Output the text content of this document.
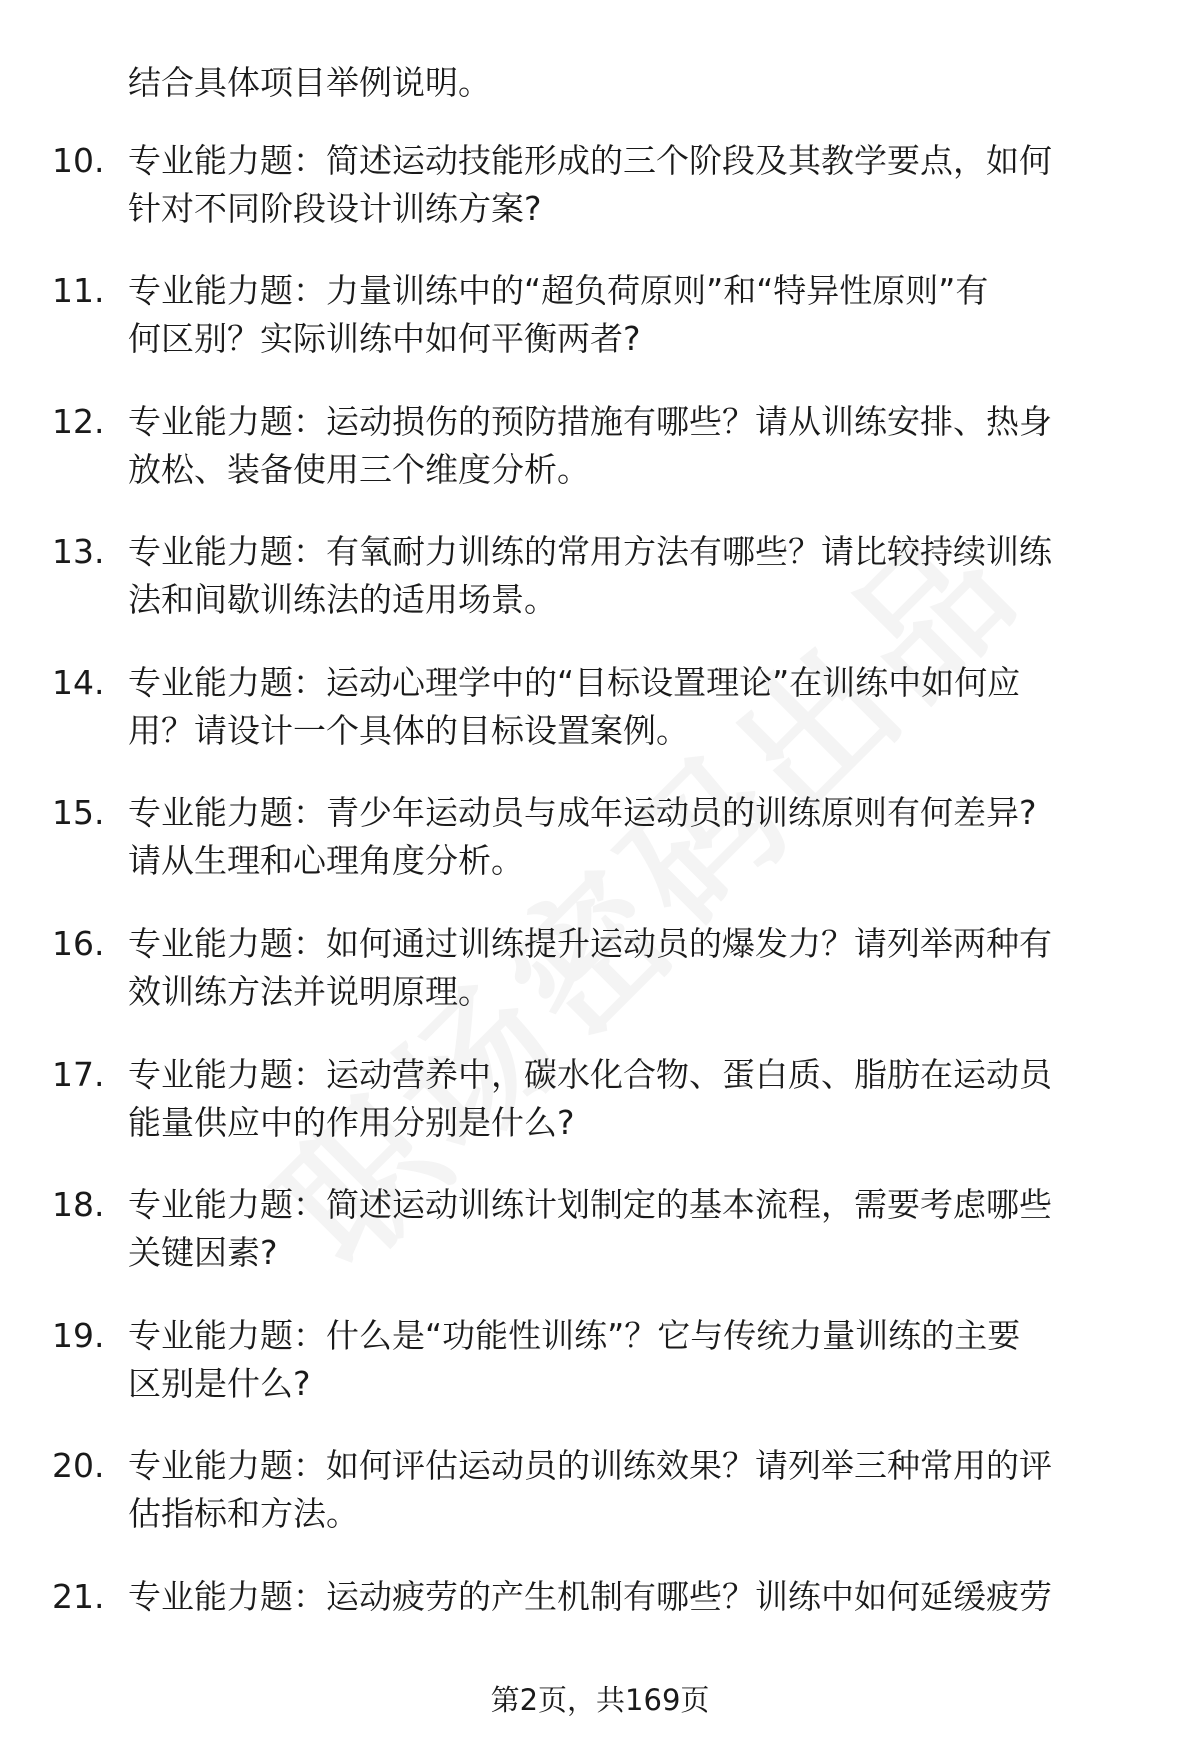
结合具体项目举例说明。
10. 专业能力题：简述运动技能形成的三个阶段及其教学要点，如何
针对不同阶段设计训练方案?
11. 专业能力题：力量训练中的“超负荷原则”和“特异性原则”有
何区别？实际训练中如何平衡两者?
12. 专业能力题：运动损伤的预防措施有哪些？请从训练安排、热身
放松、装备使用三个维度分析。
13. 专业能力题：有氧耐力训练的常用方法有哪些？请比较持续训练
法和间歇训练法的适用场景。
14. 专业能力题：运动心理学中的“目标设置理论”在训练中如何应
用？请设计一个具体的目标设置案例。
15. 专业能力题：青少年运动员与成年运动员的训练原则有何差异?
请从生理和心理角度分析。
16. 专业能力题：如何通过训练提升运动员的爆发力？请列举两种有
效训练方法并说明原理。
17. 专业能力题：运动营养中，碳水化合物、蛋白质、脂肪在运动员
能量供应中的作用分别是什么?
18. 专业能力题：简述运动训练计划制定的基本流程，需要考虑哪些
关键因素?
19. 专业能力题：什么是“功能性训练”？它与传统力量训练的主要
区别是什么?
20. 专业能力题：如何评估运动员的训练效果？请列举三种常用的评
估指标和方法。
21. 专业能力题：运动疲劳的产生机制有哪些？训练中如何延缓疲劳
第2页，共169页
